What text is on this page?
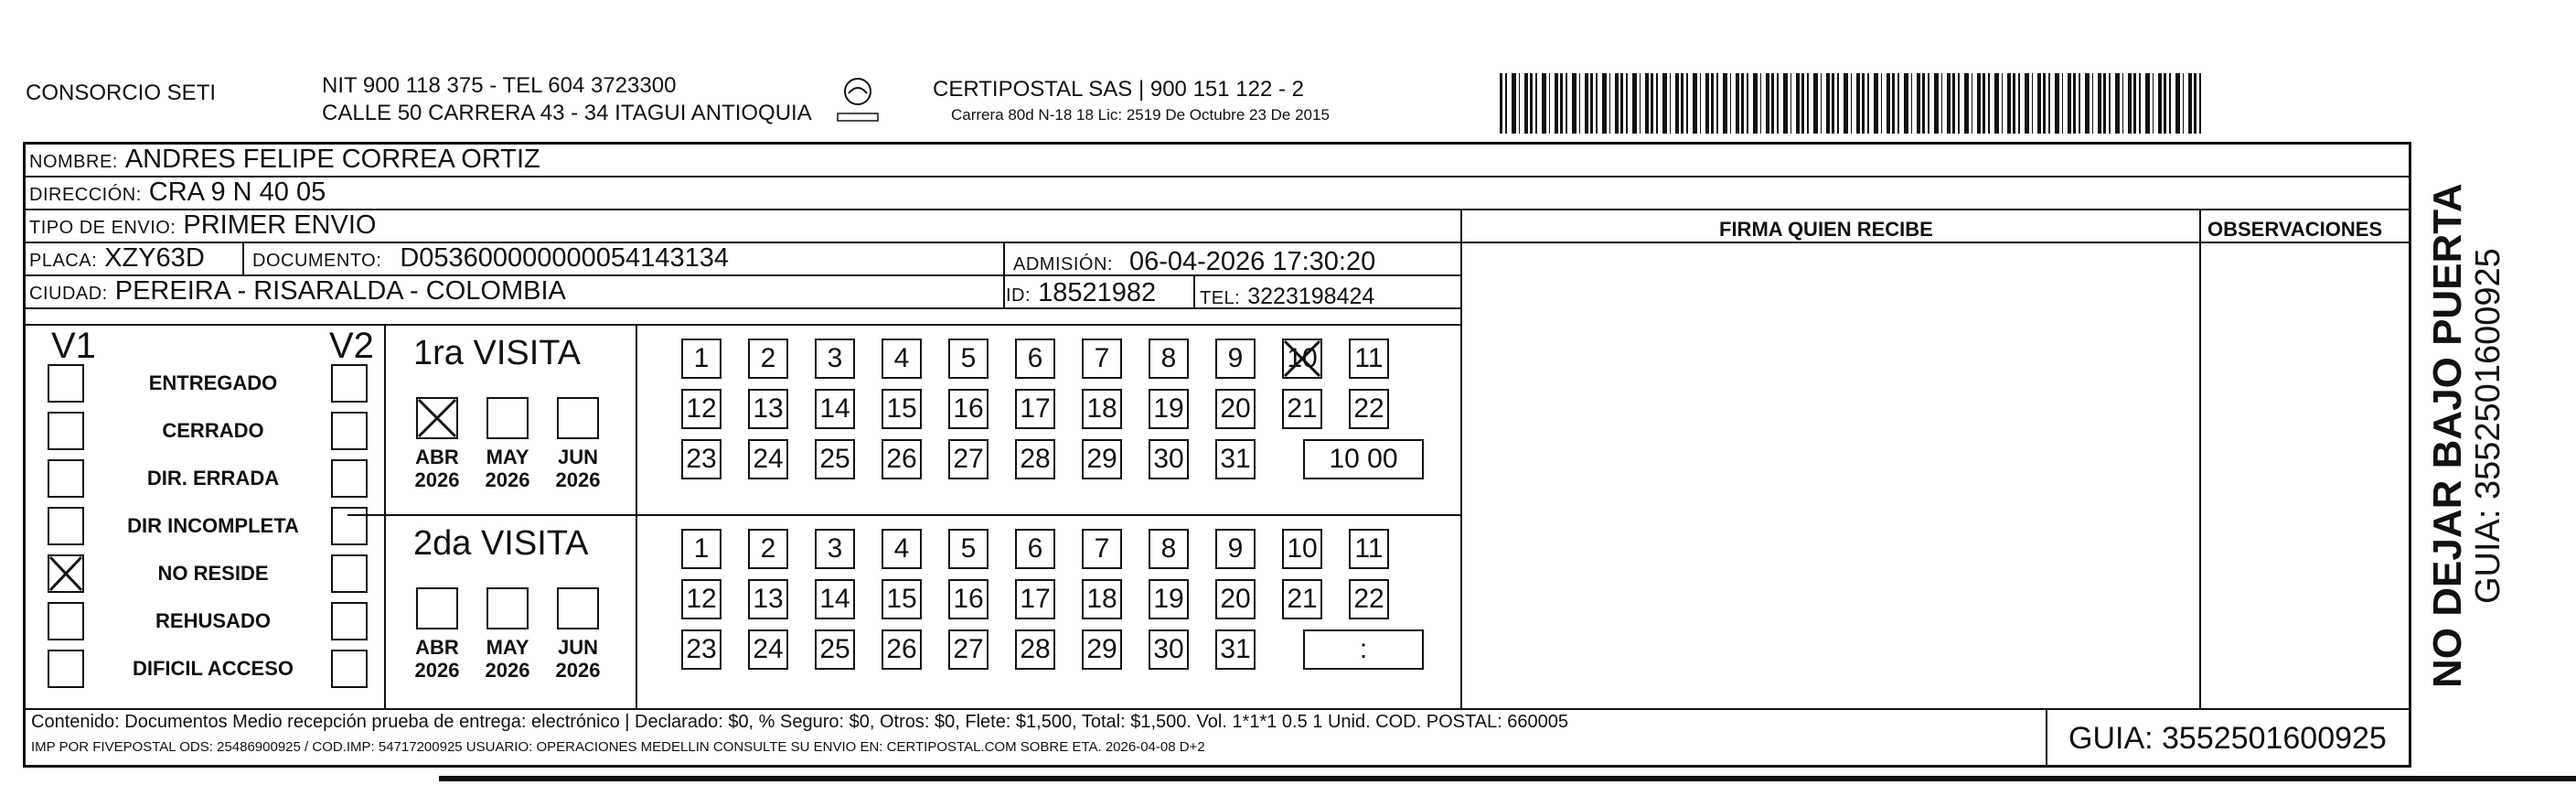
CONSORCIO SETI	NIT 900 118 375 - TEL 604 3723300
CALLE 50 CARRERA 43 - 34 ITAGUI ANTIOQUIA
CERTIPOSTAL SAS | 900 151 122 - 2
Carrera 80d N-18 18 Lic: 2519 De Octubre 23 De 2015
NOMBRE: ANDRES FELIPE CORREA ORTIZ
DIRECCIÓN: CRA 9 N 40 05
TIPO DE ENVIO: PRIMER ENVIO	FIRMA QUIEN RECIBE	OBSERVACIONES
PLACA: XZY63D	DOCUMENTO: D053600000000054143134	ADMISIÓN: 06-04-2026 17:30:20
CIUDAD: PEREIRA - RISARALDA - COLOMBIA	ID: 18521982 TEL: 3223198424
V1	V2
ENTREGADO
CERRADO
DIR. ERRADA
DIR INCOMPLETA
NO RESIDE
REHUSADO
DIFICIL ACCESO
1ra VISITA
2da VISITA
ABR
2026
MAY
2026
JUN
2026
1	2	3	4	5	6	7	8	9	10 11
12 13 14 15 16 17 18 19 20 21 22
23 24 25 26 27 28 29 30 31	10 00
ABR
2026
MAY
2026
JUN
2026
1	2	3	4	5	6	7	8	9	10 11
12 13 14 15 16 17 18 19 20 21 22
23 24 25 26 27 28 29 30 31	:
Contenido: Documentos Medio recepción prueba de entrega: electrónico | Declarado: $0, % Seguro: $0, Otros: $0, Flete: $1,500, Total: $1,500. Vol. 1*1*1 0.5 1 Unid. COD. POSTAL: 660005
IMP POR FIVEPOSTAL ODS: 25486900925 / COD.IMP: 54717200925 USUARIO: OPERACIONES MEDELLIN CONSULTE SU ENVIO EN: CERTIPOSTAL.COM SOBRE ETA. 2026-04-08 D+2	GUIA: 3552501600925
NO DEJAR BAJO PUERTA GUIA: 3552501600925
